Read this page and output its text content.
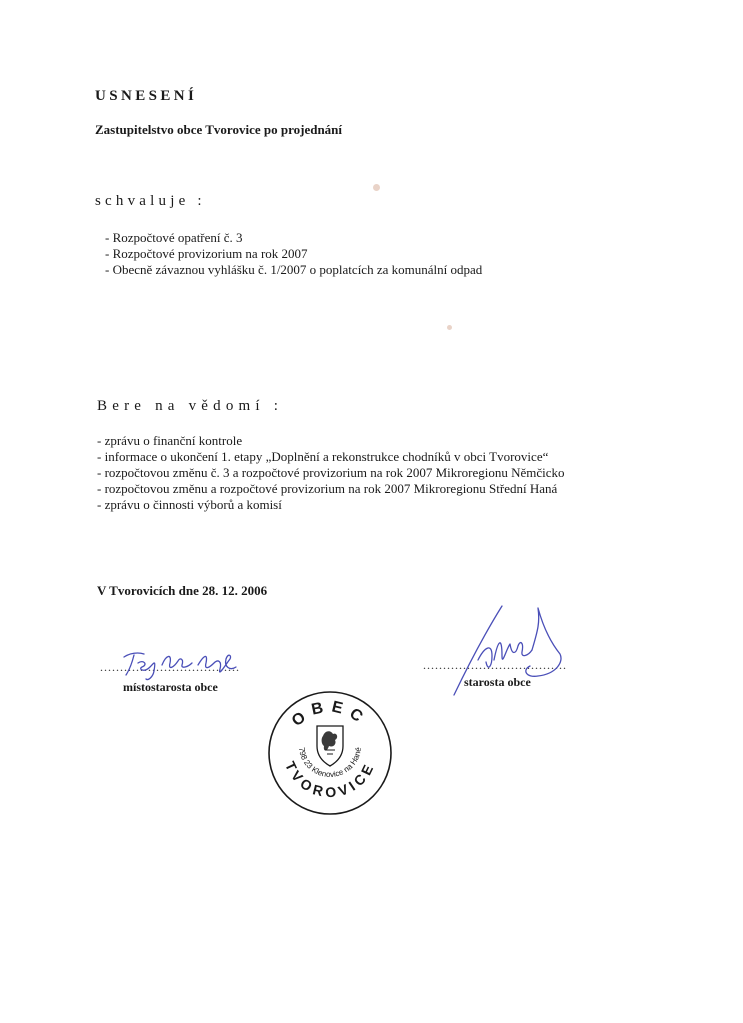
USNESENÍ
Zastupitelstvo obce Tvorovice po projednání
schvaluje :
- Rozpočtové opatření č. 3
- Rozpočtové provizorium na rok 2007
- Obecně závaznou vyhlášku č. 1/2007 o poplatcích za komunální odpad
Bere na vědomí :
- zprávu o finanční kontrole
- informace o ukončení 1. etapy „Doplnění a rekonstrukce chodníků v obci Tvorovice“
- rozpočtovou změnu č. 3 a rozpočtové provizorium na rok 2007 Mikroregionu Němčicko
- rozpočtovou změnu a rozpočtové provizorium na rok 2007 Mikroregionu Střední Haná
- zprávu o činnosti výborů a komisí
V Tvorovicích dne 28. 12. 2006
...................................
místostarosta obce
....................................
starosta obce
OBEC
TVOROVICE
798 23 Klenovice na Hané
